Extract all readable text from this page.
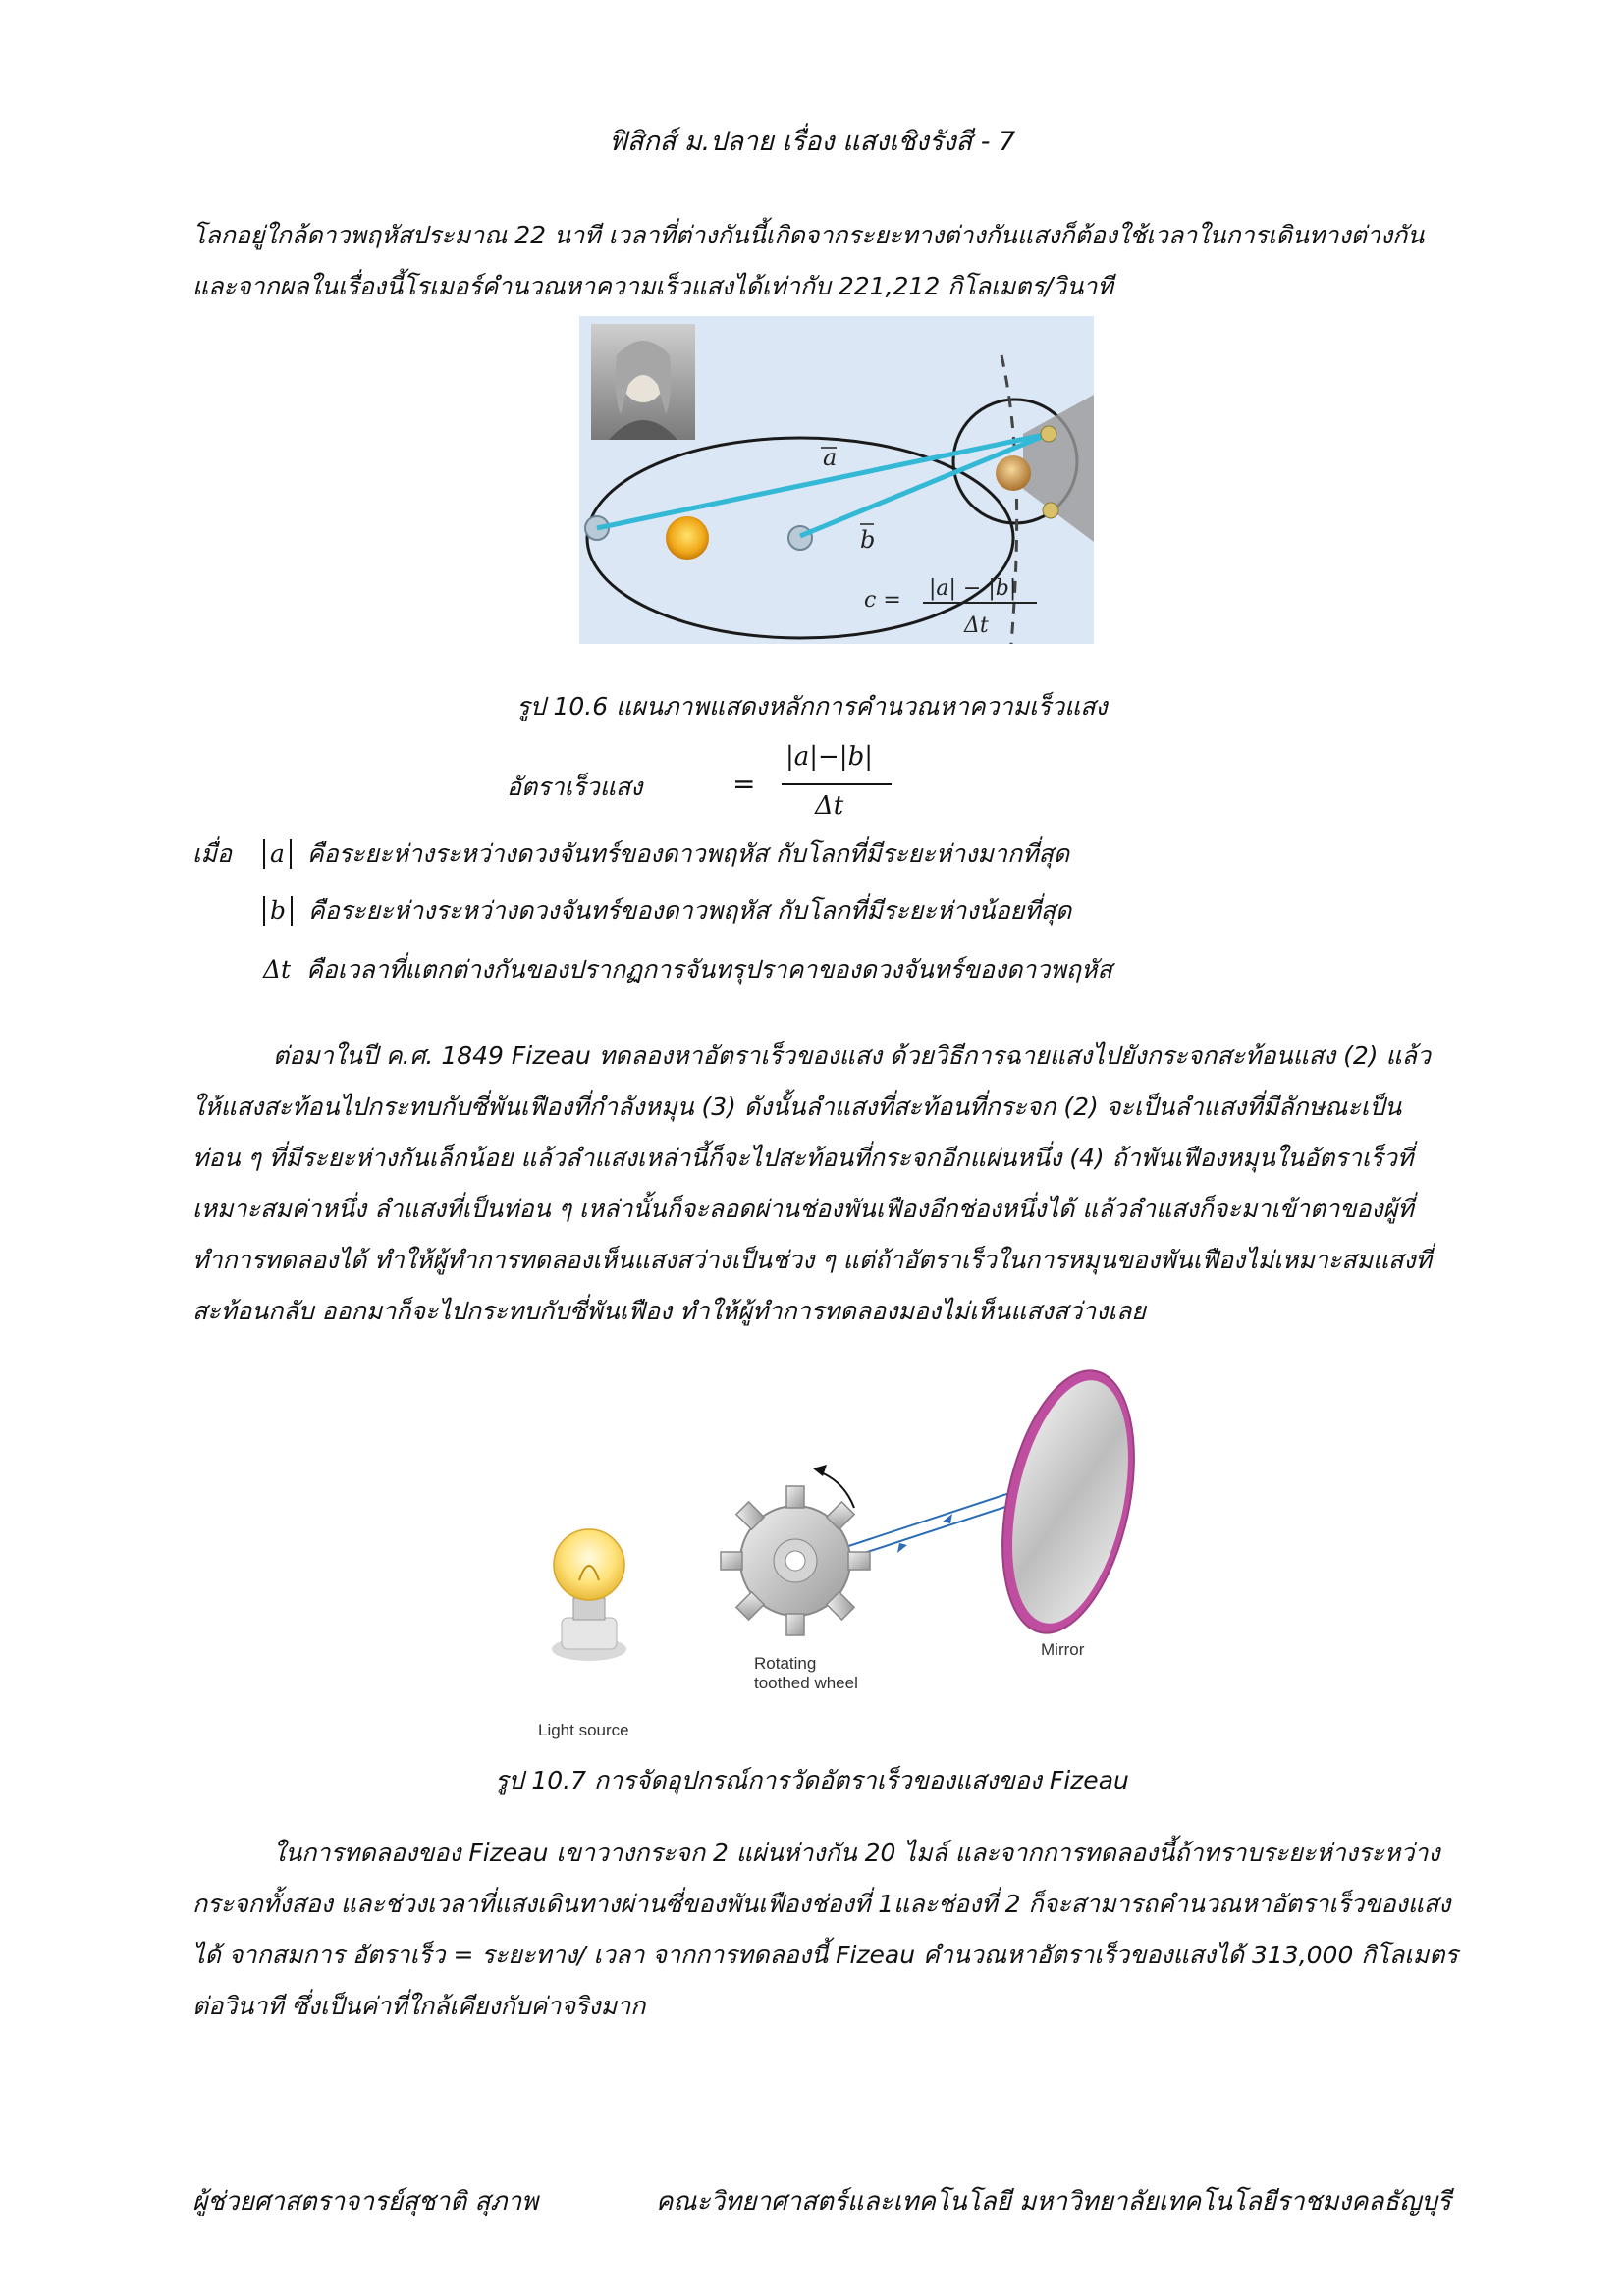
ฟิสิกส์ ม.ปลาย เรื่อง แสงเชิงรังสี - 7
โลกอยู่ใกล้ดาวพฤหัสประมาณ 22 นาที เวลาที่ต่างกันนี้เกิดจากระยะทางต่างกันแสงก็ต้องใช้เวลาในการเดินทางต่างกัน
และจากผลในเรื่องนี้โรเมอร์คำนวณหาความเร็วแสงได้เท่ากับ 221,212 กิโลเมตร/วินาที
a
b
c = |a| − |b|
Δt
รูป 10.6 แผนภาพแสดงหลักการคำนวณหาความเร็วแสง
อัตราเร็วแสง	=
|a|−|b|
Δt
เมื่อ a คือระยะห่างระหว่างดวงจันทร์ของดาวพฤหัส กับโลกที่มีระยะห่างมากที่สุด
b คือระยะห่างระหว่างดวงจันทร์ของดาวพฤหัส กับโลกที่มีระยะห่างน้อยที่สุด
Δt คือเวลาที่แตกต่างกันของปรากฏการจันทรุปราคาของดวงจันทร์ของดาวพฤหัส
ต่อมาในปี ค.ศ. 1849 Fizeau ทดลองหาอัตราเร็วของแสง ด้วยวิธีการฉายแสงไปยังกระจกสะท้อนแสง (2) แล้ว
ให้แสงสะท้อนไปกระทบกับซี่พันเฟืองที่กำลังหมุน (3) ดังนั้นลำแสงที่สะท้อนที่กระจก (2) จะเป็นลำแสงที่มีลักษณะเป็น
ท่อน ๆ ที่มีระยะห่างกันเล็กน้อย แล้วลำแสงเหล่านี้ก็จะไปสะท้อนที่กระจกอีกแผ่นหนึ่ง (4) ถ้าพันเฟืองหมุนในอัตราเร็วที่
เหมาะสมค่าหนึ่ง ลำแสงที่เป็นท่อน ๆ เหล่านั้นก็จะลอดผ่านช่องพันเฟืองอีกช่องหนึ่งได้ แล้วลำแสงก็จะมาเข้าตาของผู้ที่
ทำการทดลองได้ ทำให้ผู้ทำการทดลองเห็นแสงสว่างเป็นช่วง ๆ แต่ถ้าอัตราเร็วในการหมุนของพันเฟืองไม่เหมาะสมแสงที่
สะท้อนกลับ ออกมาก็จะไปกระทบกับซี่พันเฟือง ทำให้ผู้ทำการทดลองมองไม่เห็นแสงสว่างเลย
Light source
Rotating
toothed wheel
Mirror
รูป 10.7 การจัดอุปกรณ์การวัดอัตราเร็วของแสงของ Fizeau
ในการทดลองของ Fizeau เขาวางกระจก 2 แผ่นห่างกัน 20 ไมล์ และจากการทดลองนี้ถ้าทราบระยะห่างระหว่าง
กระจกทั้งสอง และช่วงเวลาที่แสงเดินทางผ่านซี่ของพันเฟืองช่องที่ 1และช่องที่ 2 ก็จะสามารถคำนวณหาอัตราเร็วของแสง
ได้ จากสมการ อัตราเร็ว = ระยะทาง/ เวลา จากการทดลองนี้ Fizeau คำนวณหาอัตราเร็วของแสงได้ 313,000 กิโลเมตร
ต่อวินาที ซึ่งเป็นค่าที่ใกล้เคียงกับค่าจริงมาก
ผู้ช่วยศาสตราจารย์สุชาติ สุภาพ	คณะวิทยาศาสตร์และเทคโนโลยี มหาวิทยาลัยเทคโนโลยีราชมงคลธัญบุรี
